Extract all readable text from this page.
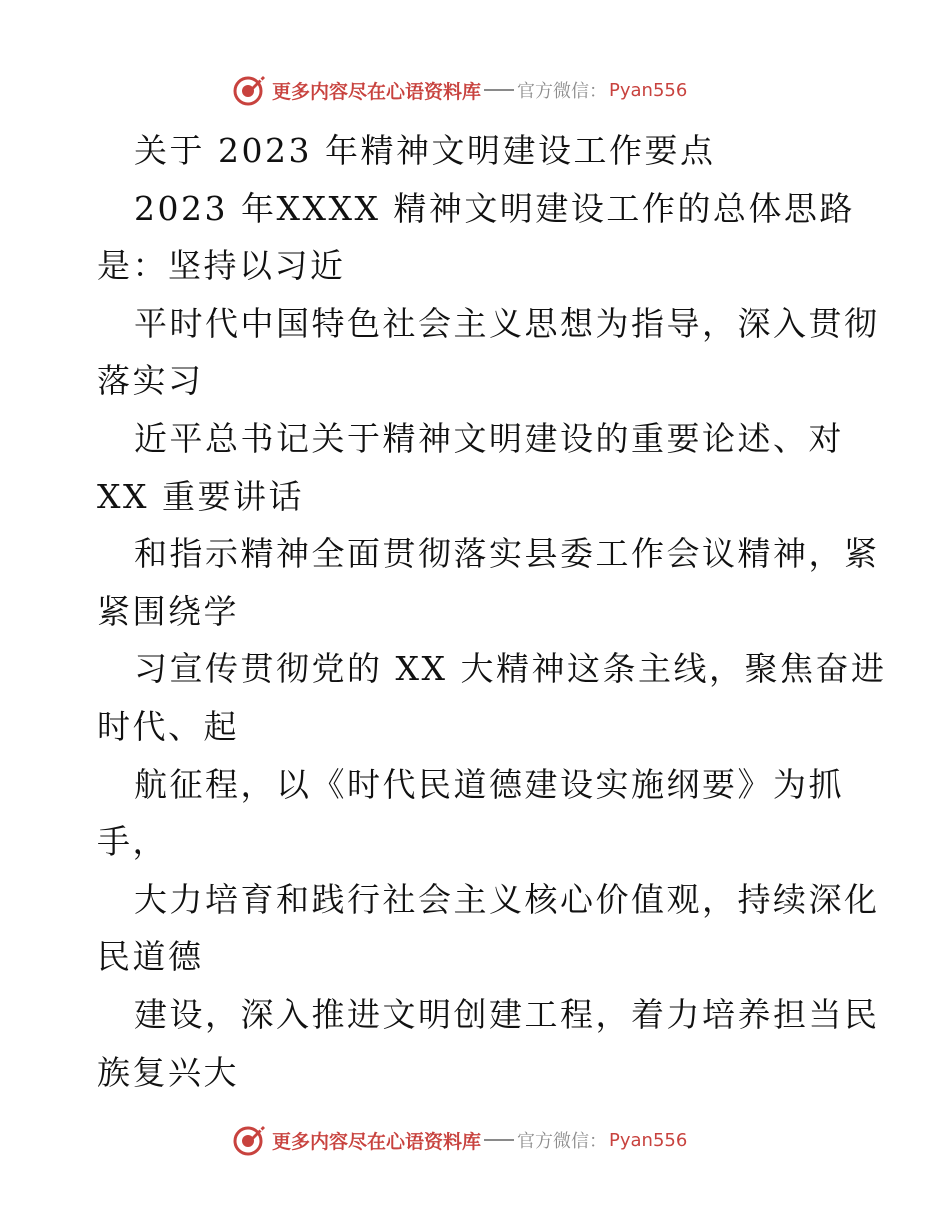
更多内容尽在心语资料库 官方微信： Pyan556
关于 2023 年精神文明建设工作要点
2023 年XXXX 精神文明建设工作的总体思路
是：坚持以习近
平时代中国特色社会主义思想为指导，深入贯彻
落实习
近平总书记关于精神文明建设的重要论述、对
XX 重要讲话
和指示精神全面贯彻落实县委工作会议精神，紧
紧围绕学
习宣传贯彻党的 XX 大精神这条主线，聚焦奋进
时代、起
航征程，以《时代民道德建设实施纲要》为抓
手，
大力培育和践行社会主义核心价值观，持续深化
民道德
建设，深入推进文明创建工程，着力培养担当民
族复兴大
更多内容尽在心语资料库 官方微信： Pyan556
